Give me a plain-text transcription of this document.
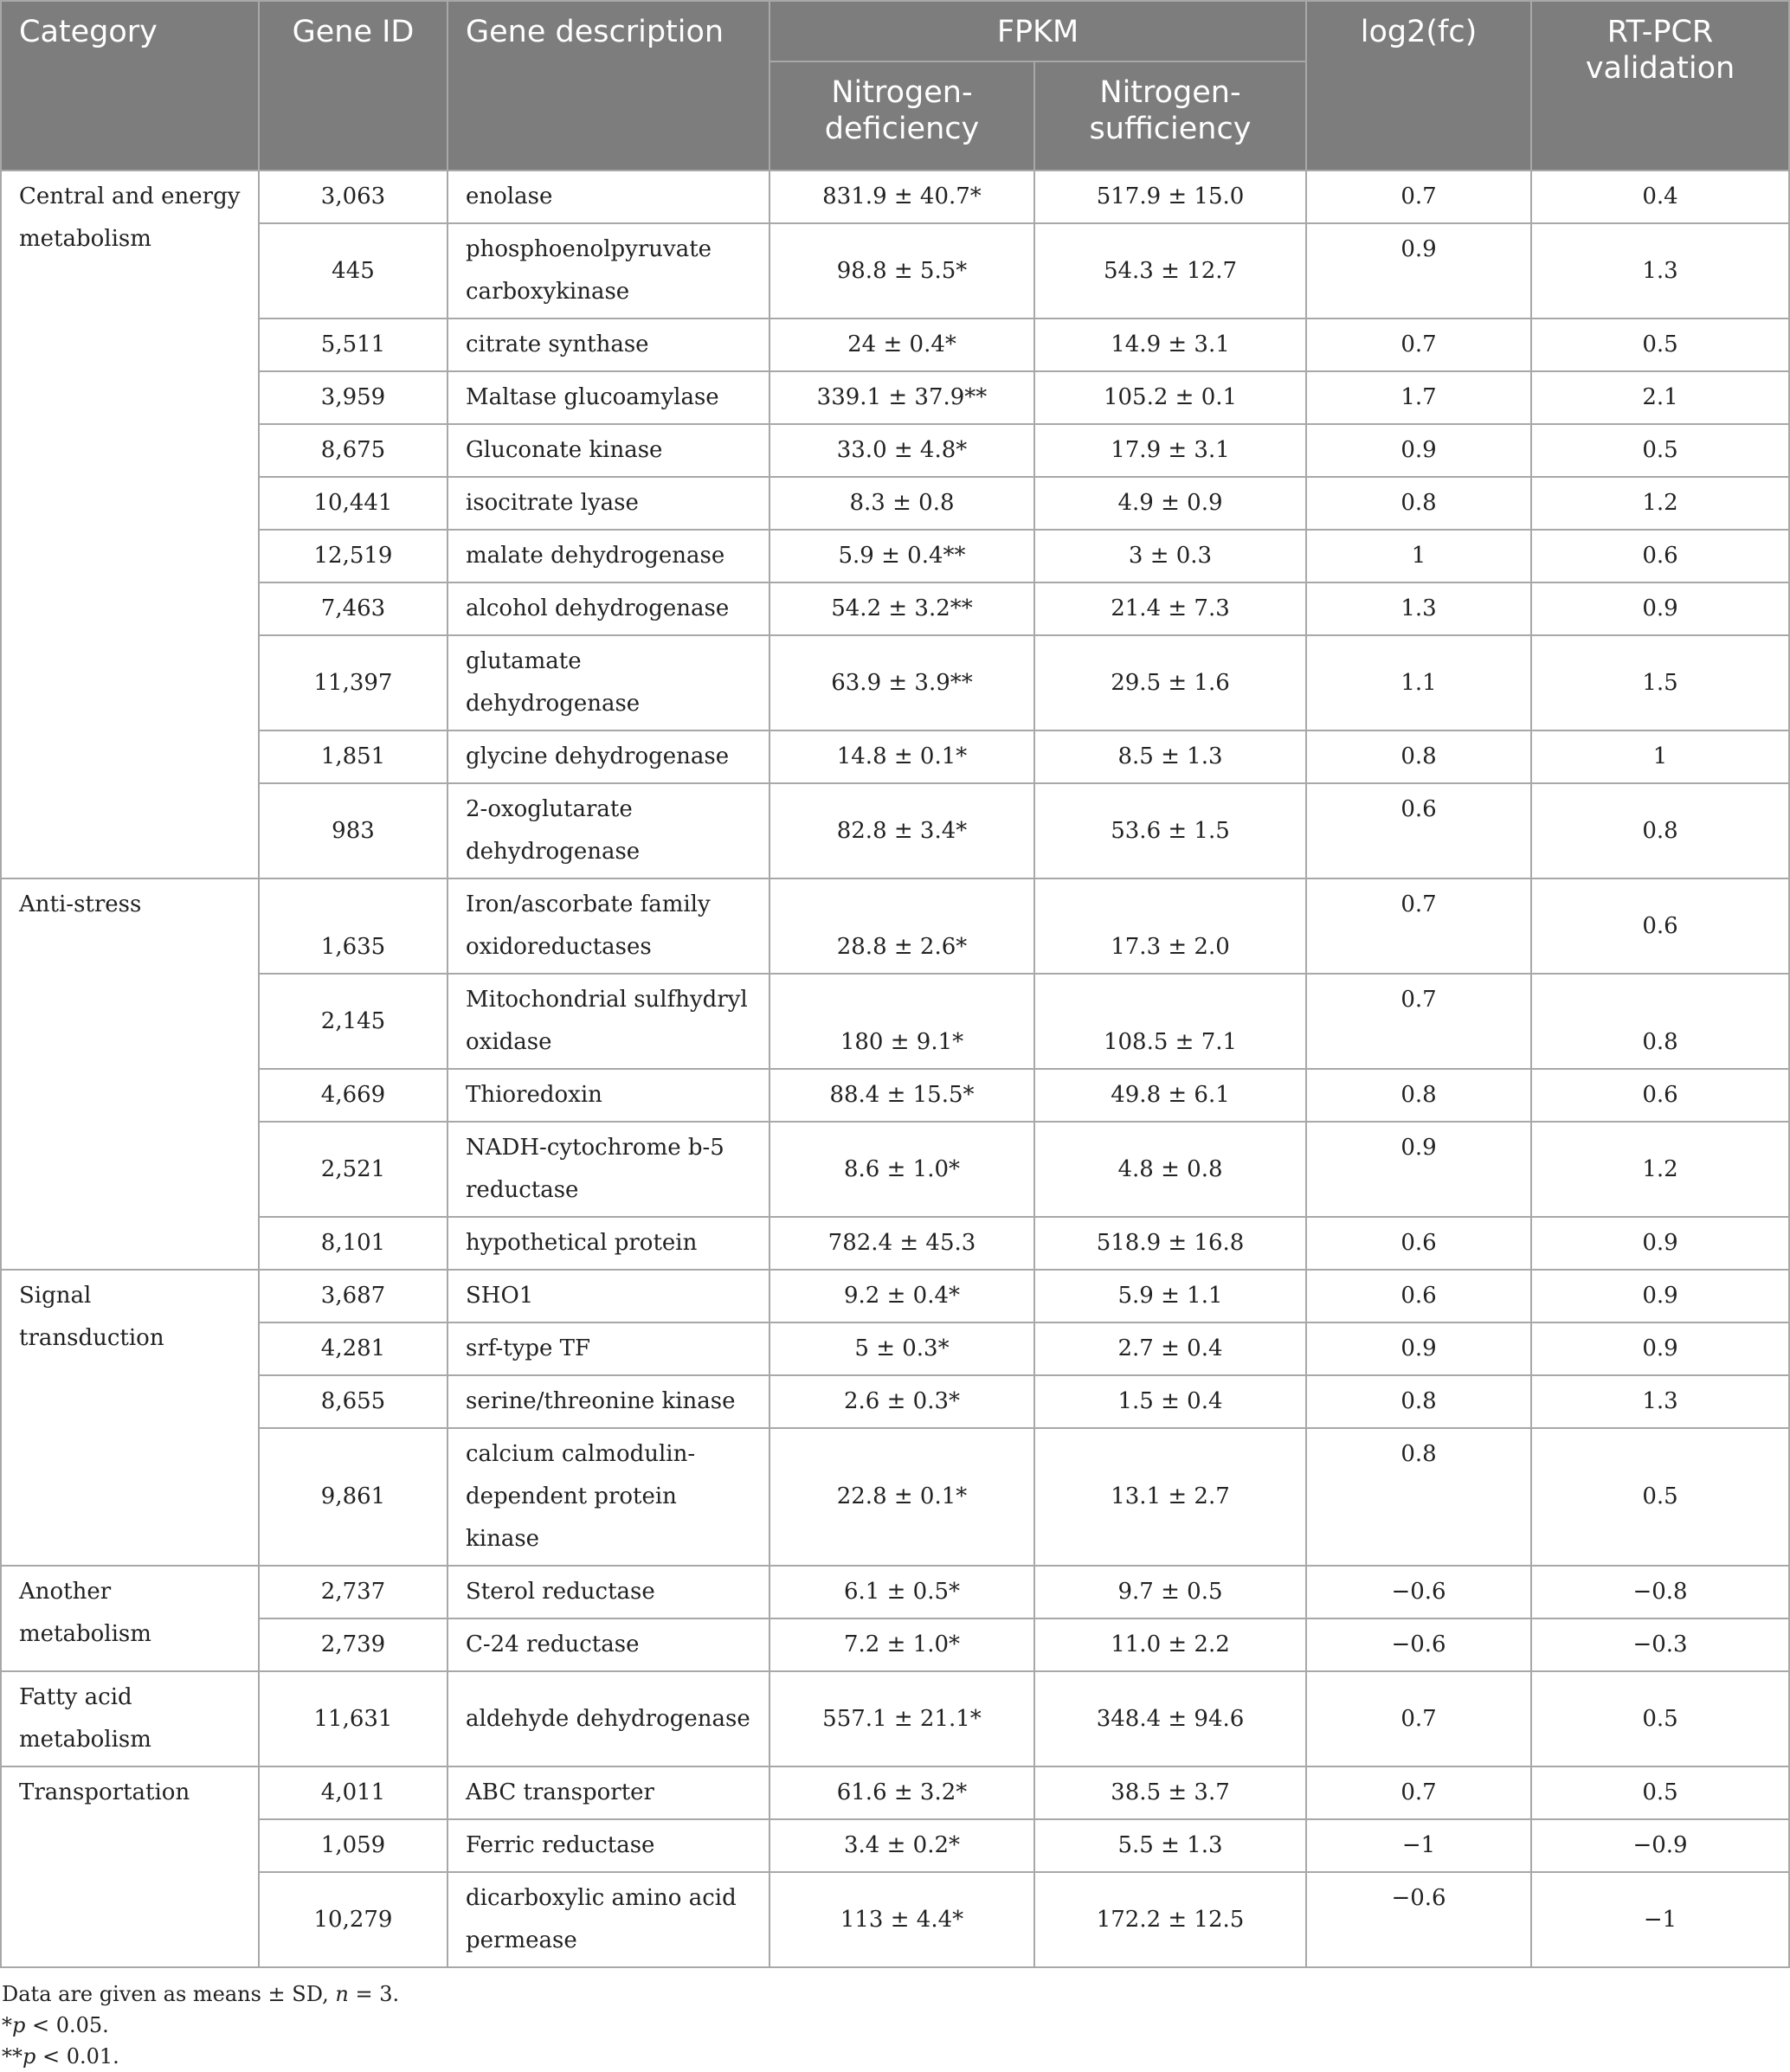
Category	Gene ID	Gene description	FPKM		log2(fc)	RT-PCR validation
			Nitrogen-deficiency	Nitrogen-sufficiency		
Central and energy metabolism	3,063	enolase	831.9 ± 40.7*	517.9 ± 15.0	0.7	0.4
	445	phosphoenolpyruvate carboxykinase	98.8 ± 5.5*	54.3 ± 12.7	0.9	1.3
	5,511	citrate synthase	24 ± 0.4*	14.9 ± 3.1	0.7	0.5
	3,959	Maltase glucoamylase	339.1 ± 37.9**	105.2 ± 0.1	1.7	2.1
	8,675	Gluconate kinase	33.0 ± 4.8*	17.9 ± 3.1	0.9	0.5
	10,441	isocitrate lyase	8.3 ± 0.8	4.9 ± 0.9	0.8	1.2
	12,519	malate dehydrogenase	5.9 ± 0.4**	3 ± 0.3	1	0.6
	7,463	alcohol dehydrogenase	54.2 ± 3.2**	21.4 ± 7.3	1.3	0.9
	11,397	glutamate dehydrogenase	63.9 ± 3.9**	29.5 ± 1.6	1.1	1.5
	1,851	glycine dehydrogenase	14.8 ± 0.1*	8.5 ± 1.3	0.8	1
	983	2-oxoglutarate dehydrogenase	82.8 ± 3.4*	53.6 ± 1.5	0.6	0.8
Anti-stress	1,635	Iron/ascorbate family oxidoreductases	28.8 ± 2.6*	17.3 ± 2.0	0.7	0.6
	2,145	Mitochondrial sulfhydryl oxidase	180 ± 9.1*	108.5 ± 7.1	0.7	0.8
	4,669	Thioredoxin	88.4 ± 15.5*	49.8 ± 6.1	0.8	0.6
	2,521	NADH-cytochrome b-5 reductase	8.6 ± 1.0*	4.8 ± 0.8	0.9	1.2
	8,101	hypothetical protein	782.4 ± 45.3	518.9 ± 16.8	0.6	0.9
Signal transduction	3,687	SHO1	9.2 ± 0.4*	5.9 ± 1.1	0.6	0.9
	4,281	srf-type TF	5 ± 0.3*	2.7 ± 0.4	0.9	0.9
	8,655	serine/threonine kinase	2.6 ± 0.3*	1.5 ± 0.4	0.8	1.3
	9,861	calcium calmodulin-dependent protein kinase	22.8 ± 0.1*	13.1 ± 2.7	0.8	0.5
Another metabolism	2,737	Sterol reductase	6.1 ± 0.5*	9.7 ± 0.5	−0.6	−0.8
	2,739	C-24 reductase	7.2 ± 1.0*	11.0 ± 2.2	−0.6	−0.3
Fatty acid metabolism	11,631	aldehyde dehydrogenase	557.1 ± 21.1*	348.4 ± 94.6	0.7	0.5
Transportation	4,011	ABC transporter	61.6 ± 3.2*	38.5 ± 3.7	0.7	0.5
	1,059	Ferric reductase	3.4 ± 0.2*	5.5 ± 1.3	−1	−0.9
	10,279	dicarboxylic amino acid permease	113 ± 4.4*	172.2 ± 12.5	−0.6	−1
Data are given as means ± SD, n = 3.
*p < 0.05.
**p < 0.01.
